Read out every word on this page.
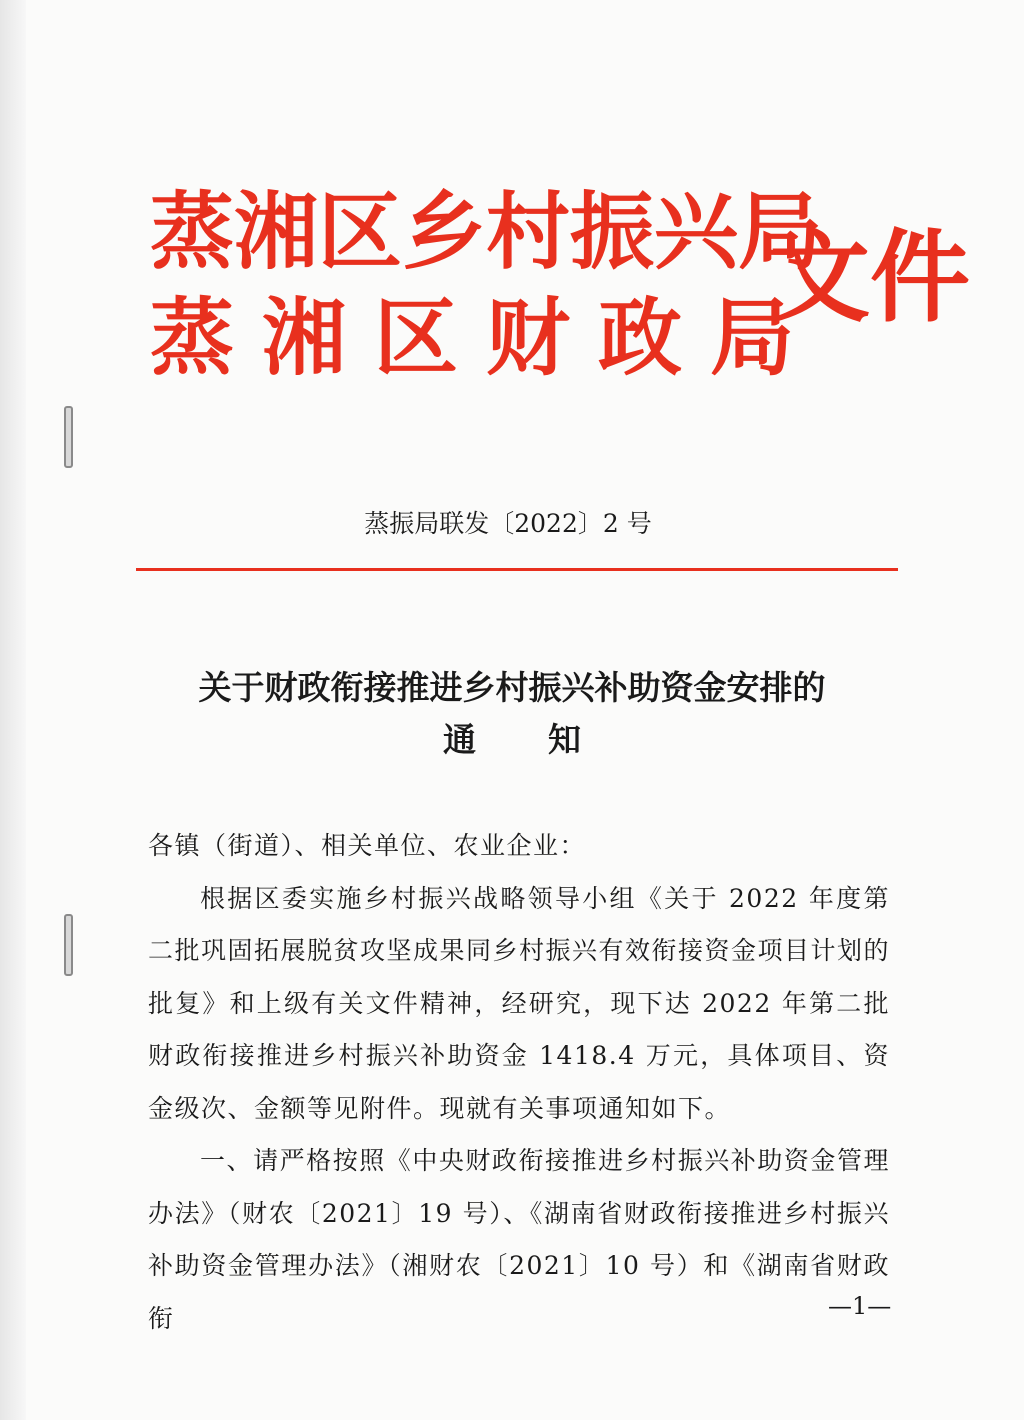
蒸湘区乡村振兴局
蒸湘区财政局
文件
蒸振局联发〔2022〕2 号
关于财政衔接推进乡村振兴补助资金安排的
通知

各镇（街道）、相关单位、农业企业：

根据区委实施乡村振兴战略领导小组《关于 2022 年度第二批巩固拓展脱贫攻坚成果同乡村振兴有效衔接资金项目计划的批复》和上级有关文件精神，经研究，现下达 2022 年第二批财政衔接推进乡村振兴补助资金 1418.4 万元，具体项目、资金级次、金额等见附件。现就有关事项通知如下。

一、请严格按照《中央财政衔接推进乡村振兴补助资金管理办法》（财农〔2021〕19 号）、《湖南省财政衔接推进乡村振兴补助资金管理办法》（湘财农〔2021〕10 号）和《湖南省财政衔	—1—
